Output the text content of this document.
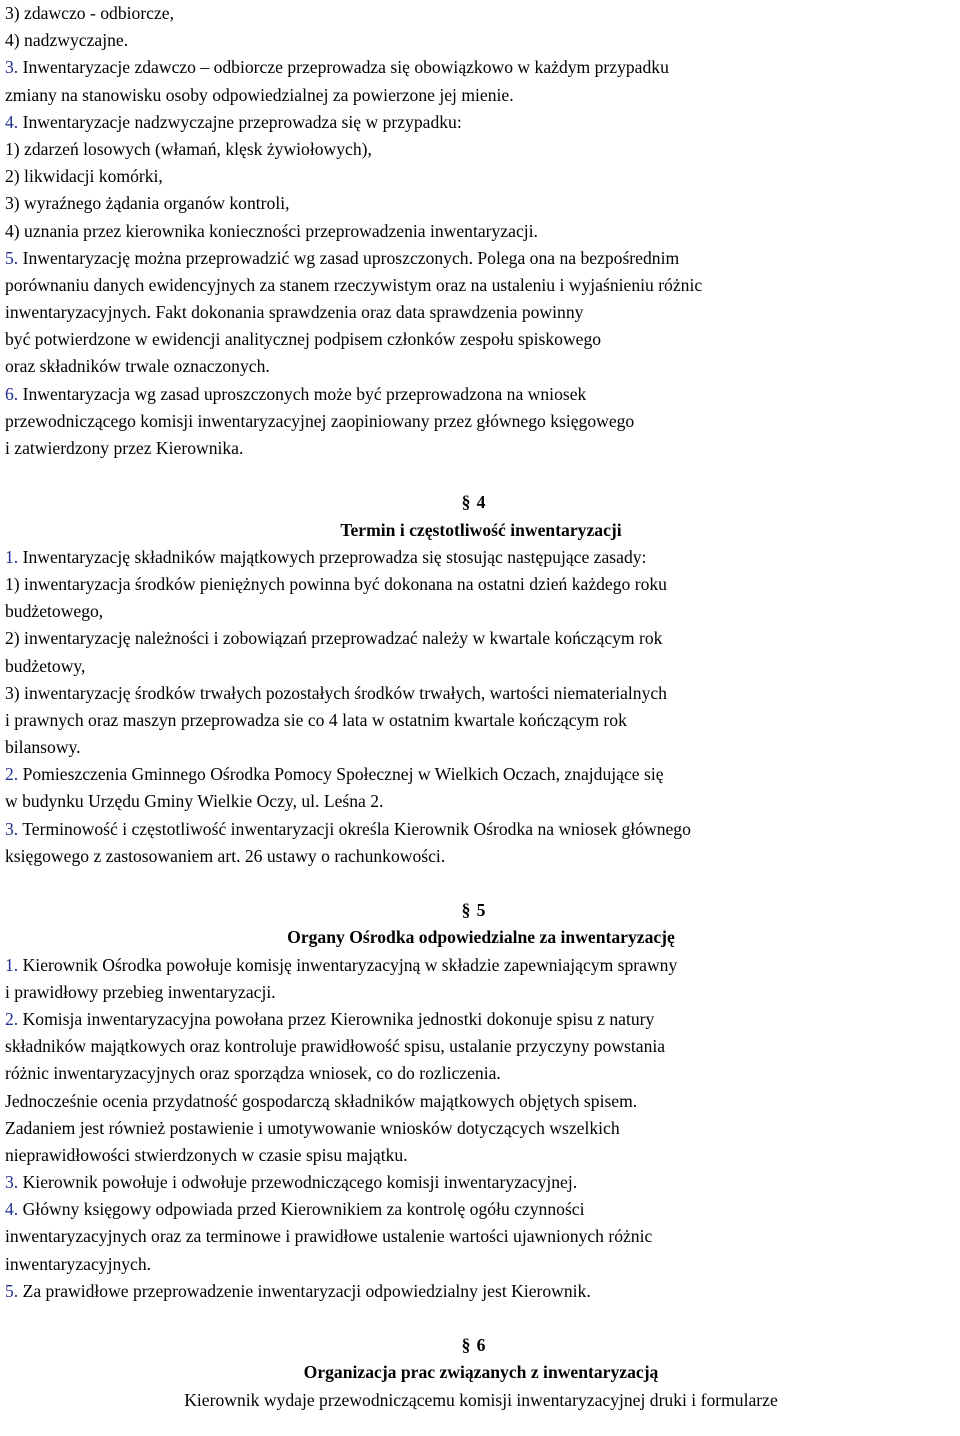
3) zdawczo - odbiorcze,

4) nadzwyczajne.

3. Inwentaryzacje zdawczo – odbiorcze przeprowadza się obowiązkowo w każdym przypadku

zmiany na stanowisku osoby odpowiedzialnej za powierzone jej mienie.

4. Inwentaryzacje nadzwyczajne przeprowadza się w przypadku:

1) zdarzeń losowych (włamań, klęsk żywiołowych),

2) likwidacji komórki,

3) wyraźnego żądania organów kontroli,

4) uznania przez kierownika konieczności przeprowadzenia inwentaryzacji.

5. Inwentaryzację można przeprowadzić wg zasad uproszczonych. Polega ona na bezpośrednim

porównaniu danych ewidencyjnych za stanem rzeczywistym oraz na ustaleniu i wyjaśnieniu różnic

inwentaryzacyjnych. Fakt dokonania sprawdzenia oraz data sprawdzenia powinny

być potwierdzone w ewidencji analitycznej podpisem członków zespołu spiskowego

oraz składników trwale oznaczonych.

6. Inwentaryzacja wg zasad uproszczonych może być przeprowadzona na wniosek

przewodniczącego komisji inwentaryzacyjnej zaopiniowany przez głównego księgowego

i zatwierdzony przez Kierownika.

§ 4
Termin i częstotliwość inwentaryzacji

1. Inwentaryzację składników majątkowych przeprowadza się stosując następujące zasady:

1) inwentaryzacja środków pieniężnych powinna być dokonana na ostatni dzień każdego roku

budżetowego,

2) inwentaryzację należności i zobowiązań przeprowadzać należy w kwartale kończącym rok

budżetowy,

3) inwentaryzację środków trwałych pozostałych środków trwałych, wartości niematerialnych

i prawnych oraz maszyn przeprowadza sie co 4 lata w ostatnim kwartale kończącym rok

bilansowy.

2. Pomieszczenia Gminnego Ośrodka Pomocy Społecznej w Wielkich Oczach, znajdujące się

w budynku Urzędu Gminy Wielkie Oczy, ul. Leśna 2.

3. Terminowość i częstotliwość inwentaryzacji określa Kierownik Ośrodka na wniosek głównego

księgowego z zastosowaniem art. 26 ustawy o rachunkowości.

§ 5
Organy Ośrodka odpowiedzialne za inwentaryzację

1. Kierownik Ośrodka powołuje komisję inwentaryzacyjną w składzie zapewniającym sprawny

i prawidłowy przebieg inwentaryzacji.

2. Komisja inwentaryzacyjna powołana przez Kierownika jednostki dokonuje spisu z natury

składników majątkowych oraz kontroluje prawidłowość spisu, ustalanie przyczyny powstania

różnic inwentaryzacyjnych oraz sporządza wniosek, co do rozliczenia.

Jednocześnie ocenia przydatność gospodarczą składników majątkowych objętych spisem.

Zadaniem jest również postawienie i umotywowanie wniosków dotyczących wszelkich

nieprawidłowości stwierdzonych w czasie spisu majątku.

3. Kierownik powołuje i odwołuje przewodniczącego komisji inwentaryzacyjnej.

4. Główny księgowy odpowiada przed Kierownikiem za kontrolę ogółu czynności

inwentaryzacyjnych oraz za terminowe i prawidłowe ustalenie wartości ujawnionych różnic

inwentaryzacyjnych.

5. Za prawidłowe przeprowadzenie inwentaryzacji odpowiedzialny jest Kierownik.

§ 6
Organizacja prac związanych z inwentaryzacją
Kierownik wydaje przewodniczącemu komisji inwentaryzacyjnej druki i formularze
